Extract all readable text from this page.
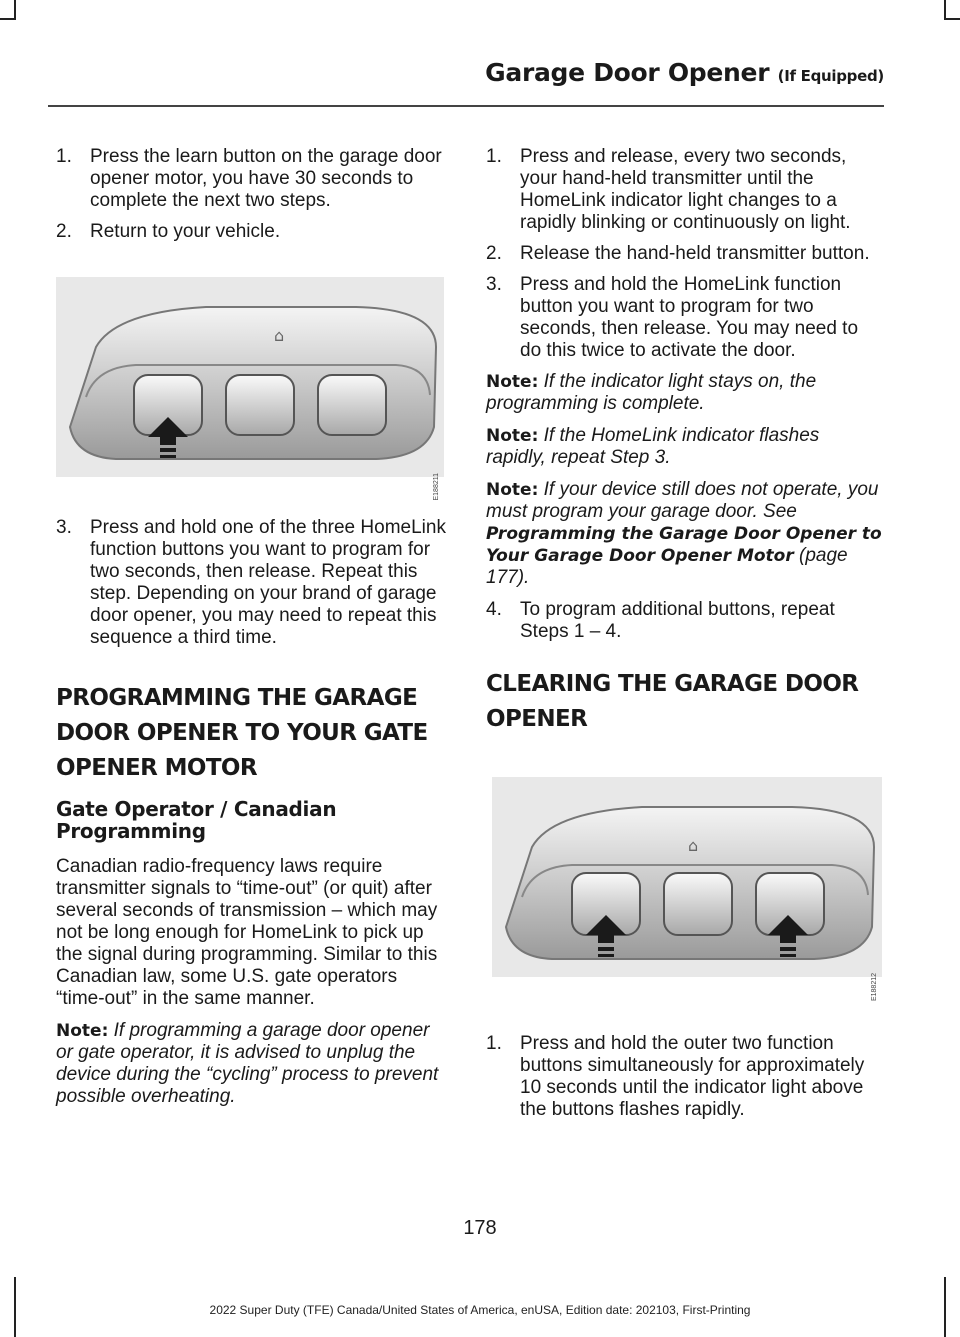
Garage Door Opener (If Equipped)
1. Press the learn button on the garage door opener motor, you have 30 seconds to complete the next two steps.
2. Return to your vehicle.
⌂
E188211
3. Press and hold one of the three HomeLink function buttons you want to program for two seconds, then release. Repeat this step. Depending on your brand of garage door opener, you may need to repeat this sequence a third time.
PROGRAMMING THE GARAGE DOOR OPENER TO YOUR GATE OPENER MOTOR
Gate Operator / Canadian Programming
Canadian radio-frequency laws require transmitter signals to “time-out” (or quit) after several seconds of transmission – which may not be long enough for HomeLink to pick up the signal during programming. Similar to this Canadian law, some U.S. gate operators “time-out” in the same manner.
Note: If programming a garage door opener or gate operator, it is advised to unplug the device during the “cycling” process to prevent possible overheating.
1. Press and release, every two seconds, your hand-held transmitter until the HomeLink indicator light changes to a rapidly blinking or continuously on light.
2. Release the hand-held transmitter button.
3. Press and hold the HomeLink function button you want to program for two seconds, then release. You may need to do this twice to activate the door.
Note: If the indicator light stays on, the programming is complete.
Note: If the HomeLink indicator flashes rapidly, repeat Step 3.
Note: If your device still does not operate, you must program your garage door. See Programming the Garage Door Opener to Your Garage Door Opener Motor (page 177).
4. To program additional buttons, repeat Steps 1 – 4.
CLEARING THE GARAGE DOOR OPENER
⌂
E188212
1. Press and hold the outer two function buttons simultaneously for approximately 10 seconds until the indicator light above the buttons flashes rapidly.
178
2022 Super Duty (TFE) Canada/United States of America, enUSA, Edition date: 202103, First-Printing
